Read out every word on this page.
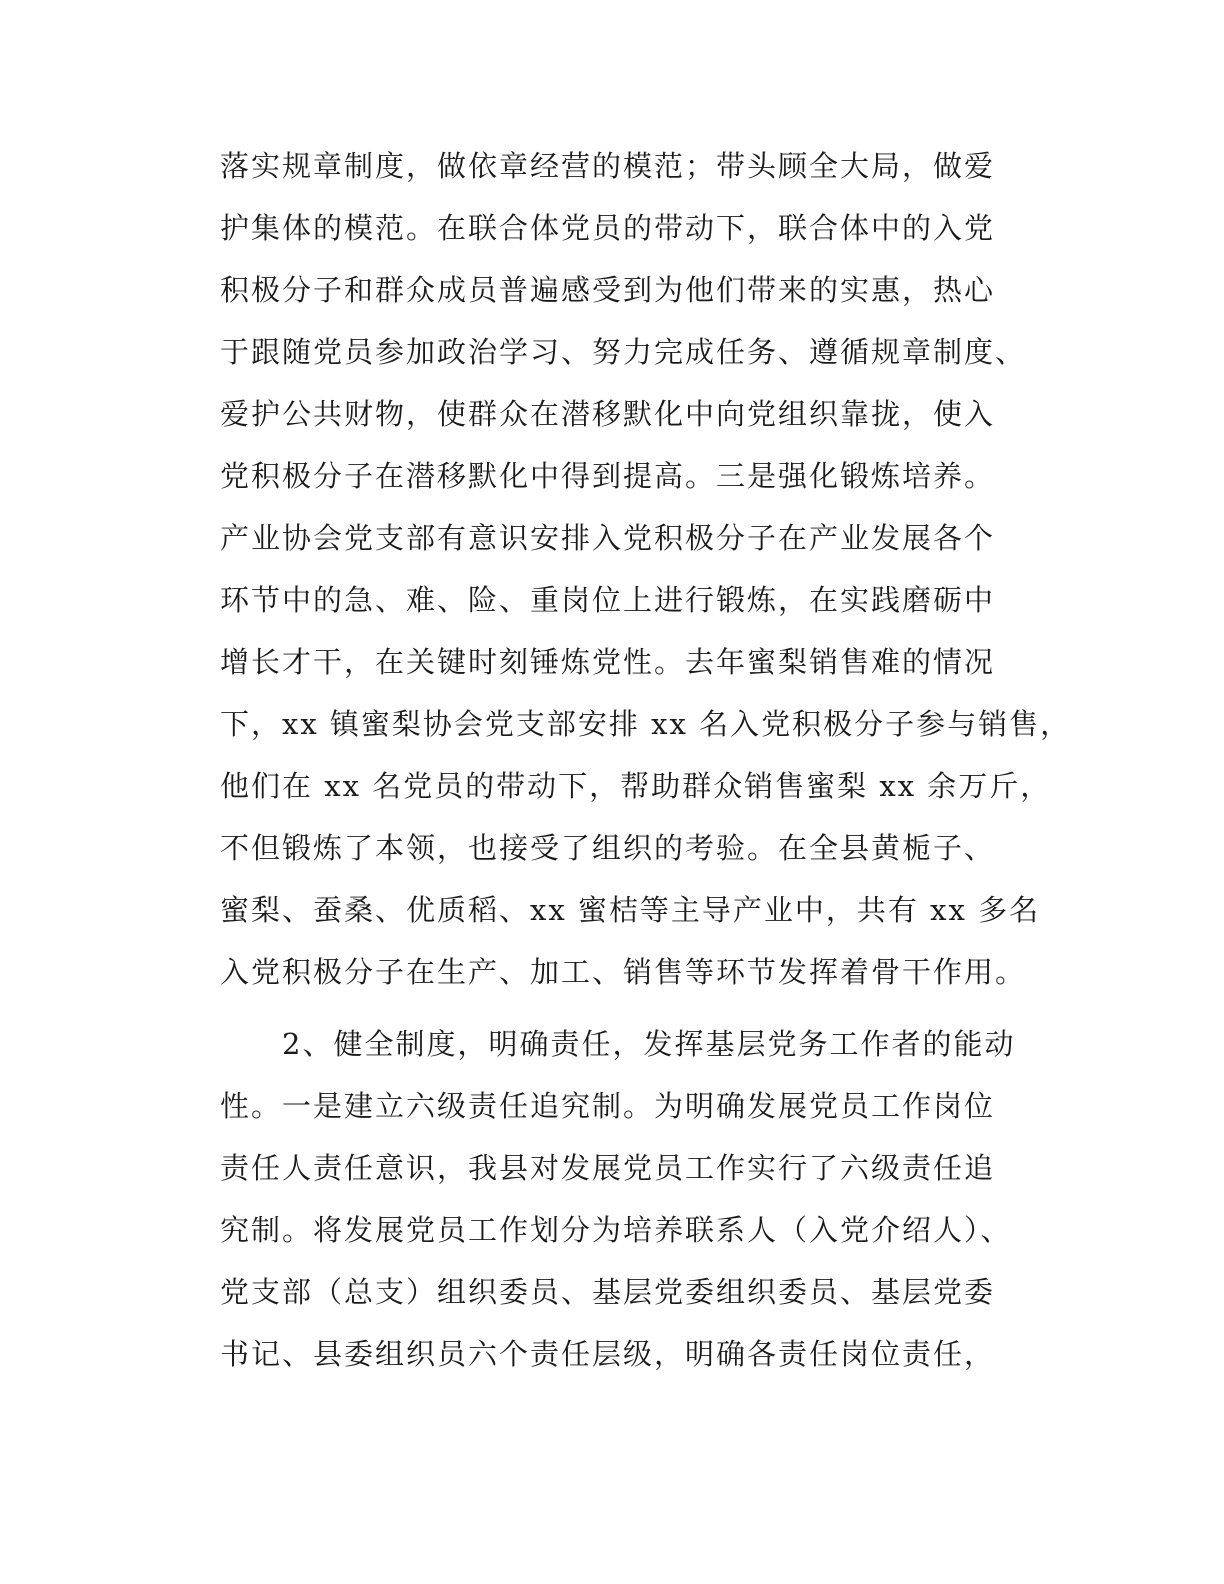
落实规章制度，做依章经营的模范；带头顾全大局，做爱
护集体的模范。在联合体党员的带动下，联合体中的入党
积极分子和群众成员普遍感受到为他们带来的实惠，热心
于跟随党员参加政治学习、努力完成任务、遵循规章制度、
爱护公共财物，使群众在潜移默化中向党组织靠拢，使入
党积极分子在潜移默化中得到提高。三是强化锻炼培养。
产业协会党支部有意识安排入党积极分子在产业发展各个
环节中的急、难、险、重岗位上进行锻炼，在实践磨砺中
增长才干，在关键时刻锤炼党性。去年蜜梨销售难的情况
下，xx 镇蜜梨协会党支部安排 xx 名入党积极分子参与销售，
他们在 xx 名党员的带动下，帮助群众销售蜜梨 xx 余万斤，
不但锻炼了本领，也接受了组织的考验。在全县黄栀子、
蜜梨、蚕桑、优质稻、xx 蜜桔等主导产业中，共有 xx 多名
入党积极分子在生产、加工、销售等环节发挥着骨干作用。
2、健全制度，明确责任，发挥基层党务工作者的能动
性。一是建立六级责任追究制。为明确发展党员工作岗位
责任人责任意识，我县对发展党员工作实行了六级责任追
究制。将发展党员工作划分为培养联系人（入党介绍人）、
党支部（总支）组织委员、基层党委组织委员、基层党委
书记、县委组织员六个责任层级，明确各责任岗位责任，
